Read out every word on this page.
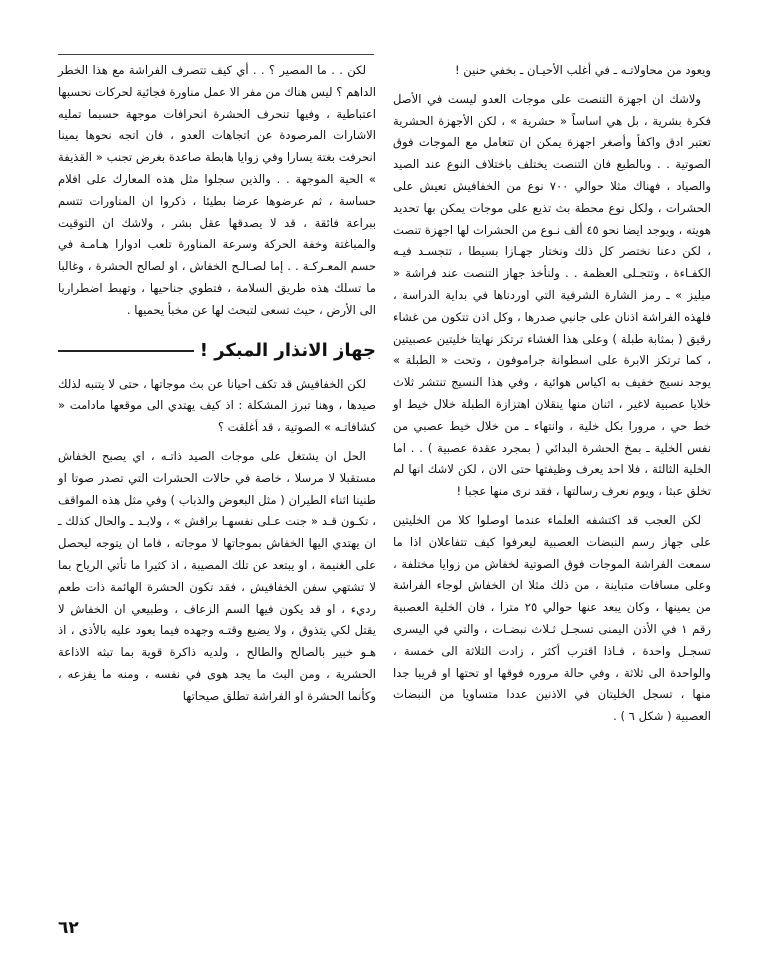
ويعود من محاولاتـه ـ في أغلب الأحيـان ـ بخفي حنين !

ولاشك ان اجهزة التنصت على موجات العدو ليست في الأصل فكرة بشرية ، بل هي اساساً « حشرية » ، لكن الأجهزة الحشرية تعتبر ادق واكفأ وأصغر اجهزة يمكن ان تتعامل مع الموجات فوق الصوتية . . وبالطبع فان التنصت يختلف باختلاف النوع عند الصيد والصياد ، فهناك مثلا حوالي ٧٠٠ نوع من الخفافيش تعيش على الحشرات ، ولكل نوع محطة بث تذيع على موجات يمكن بها تحديد هويته ، ويوجد ايضا نحو ٤٥ ألف نـوع من الحشرات لها اجهزة تنصت ، لكن دعنا نختصر كل ذلك ونختار جهـازا بسيطا ، تتجسـد فيـه الكفـاءة ، وتتجـلى العظمة . . ولنأخذ جهاز التنصت عند فراشة « ميليز » ـ رمز الشارة الشرفية التي اوردناها في بداية الدراسة ، فلهذه الفراشة اذنان على جانبي صدرها ، وكل اذن تتكون من غشاء رقيق ( بمثابة طبلة ) وعلى هذا الغشاء ترتكز نهايتا خليتين عصبيتين ، كما ترتكز الابرة على اسطوانة جراموفون ، وتحت « الطبلة » يوجد نسيج خفيف به اكياس هوائية ، وفي هذا النسيج تنتشر ثلاث خلايا عصبية لاغير ، اثنان منها ينقلان اهتزازة الطبلة خلال خيط او خط حي ، مرورا بكل خلية ، وانتهاء ـ من خلال خيط عصبي من نفس الخلية ـ بمخ الحشرة البدائي ( بمجرد عقدة عصبية ) . . اما الخلية الثالثة ، فلا احد يعرف وظيفتها حتى الان ، لكن لاشك انها لم تخلق عبثا ، ويوم نعرف رسالتها ، فقد نرى منها عجبا !

لكن العجب قد اكتشفه العلماء عندما اوصلوا كلا من الخليتين على جهاز رسم النبضات العصبية ليعرفوا كيف تتفاعلان اذا ما سمعت الفراشة الموجات فوق الصوتية لخفاش من زوايا مختلفة ، وعلى مسافات متباينة ، من ذلك مثلا ان الخفاش لوجاء الفراشة من يمينها ، وكان يبعد عنها حوالي ٢٥ مترا ، فان الخلية العصبية رقم ١ في الأذن اليمنى تسجـل ثـلاث نبضـات ، والتي في اليسرى تسجـل واحدة ، فـاذا اقترب أكثر ، زادت الثلاثة الى خمسة ، والواحدة الى ثلاثة ، وفي حالة مروره فوقها او تحتها او قريبا جدا منها ، تسجل الخليتان في الاذنين عددا متساويا من النبضات العصبية ( شكل ٦ ) .

لكن . . ما المصير ؟ . . أي كيف تتصرف الفراشة مع هذا الخطر الداهم ؟ ليس هناك من مفر الا عمل مناورة فجائية لحركات نحسبها اعتباطية ، وفيها تنحرف الحشرة انحرافات موجهة حسبما تمليه الاشارات المرصودة عن اتجاهات العدو ، فان اتجه نحوها يمينا انحرفت بغتة يسارا وفي زوايا هابطة صاعدة بغرض تجنب « القذيفة » الحية الموجهة . . والذين سجلوا مثل هذه المعارك على افلام حساسة ، ثم عرضوها عرضا بطيئا ، ذكروا ان المناورات تتسم ببراعة فائقة ، قد لا يصدقها عقل بشر ، ولاشك ان التوقيت والمباغتة وخفة الحركة وسرعة المناورة تلعب ادوارا هـامـة في حسم المعـركـة . . إما لصـالـح الخفاش ، او لصالح الحشرة ، وغالبا ما تسلك هذه طريق السلامة ، فتطوي جناحيها ، وتهبط اضطراريا الى الأرض ، حيث تسعى لتبحث لها عن مخبأ يحميها .

جهاز الانذار المبكر !

لكن الخفافيش قد تكف احيانا عن بث موجاتها ، حتى لا يتنبه لذلك صيدها ، وهنا تبرز المشكلة : اذ كيف يهتدي الى موقعها مادامت « كشافاتـه » الصوتية ، قد أغلقت ؟

الحل ان يشتغل على موجات الصيد ذاتـه ، اي يصبح الخفاش مستقبلا لا مرسلا ، خاصة في حالات الحشرات التي تصدر صوتا او طنينا اثناء الطيران ( مثل البعوض والذباب ) وفي مثل هذه المواقف ، تكـون قـد « جنت عـلى نفسهـا براقش » ، ولابـد ـ والحال كذلك ـ ان يهتدي اليها الخفاش بموجاتها لا موجاته ، فاما ان يتوجه ليحصل على الغنيمة ، او يبتعد عن تلك المصيبة ، اذ كثيرا ما تأتي الرياح بما لا تشتهي سفن الخفافيش ، فقد تكون الحشرة الهائمة ذات طعم رديء ، او قد يكون فيها السم الزعاف ، وطبيعي ان الخفاش لا يقتل لكي يتذوق ، ولا يضيع وقتـه وجهده فيما يعود عليه بالأذى ، اذ هـو خبير بالصالح والطالح ، ولديه ذاكرة قوية بما تبثه الاذاعة الحشرية ، ومن البث ما يجد هوى في نفسه ، ومنه ما يفزعه ، وكأنما الحشرة او الفراشة تطلق صيحاتها

٦٢
